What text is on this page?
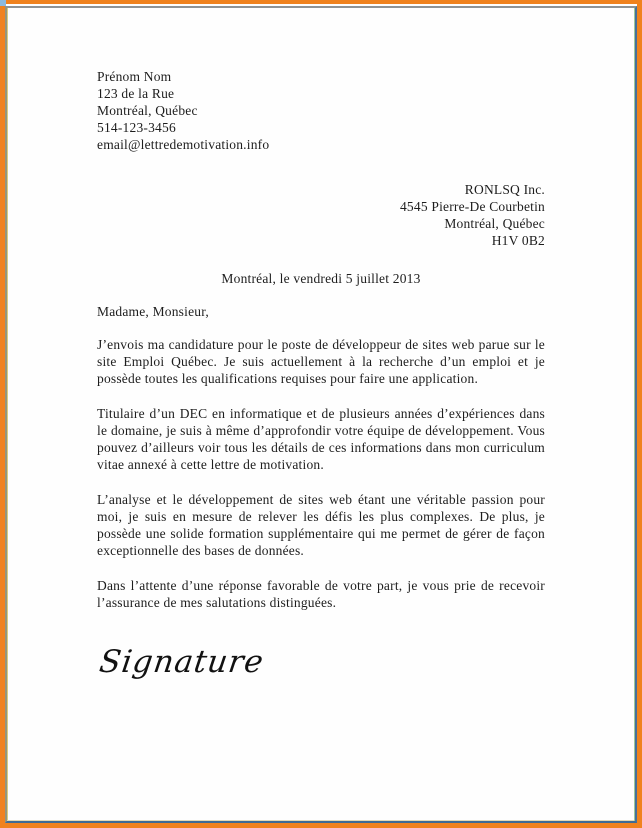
Prénom Nom
123 de la Rue
Montréal, Québec
514-123-3456
email@lettredemotivation.info
RONLSQ Inc.
4545 Pierre-De Courbetin
Montréal, Québec
H1V 0B2
Montréal, le vendredi 5 juillet 2013
Madame, Monsieur,

J’envois ma candidature pour le poste de développeur de sites web parue sur le site Emploi Québec. Je suis actuellement à la recherche d’un emploi et je possède toutes les qualifications requises pour faire une application.

Titulaire d’un DEC en informatique et de plusieurs années d’expériences dans le domaine, je suis à même d’approfondir votre équipe de développement. Vous pouvez d’ailleurs voir tous les détails de ces informations dans mon curriculum vitae annexé à cette lettre de motivation.

L’analyse et le développement de sites web étant une véritable passion pour moi, je suis en mesure de relever les défis les plus complexes. De plus, je possède une solide formation supplémentaire qui me permet de gérer de façon exceptionnelle des bases de données.

Dans l’attente d’une réponse favorable de votre part, je vous prie de recevoir l’assurance de mes salutations distinguées.

Signature
